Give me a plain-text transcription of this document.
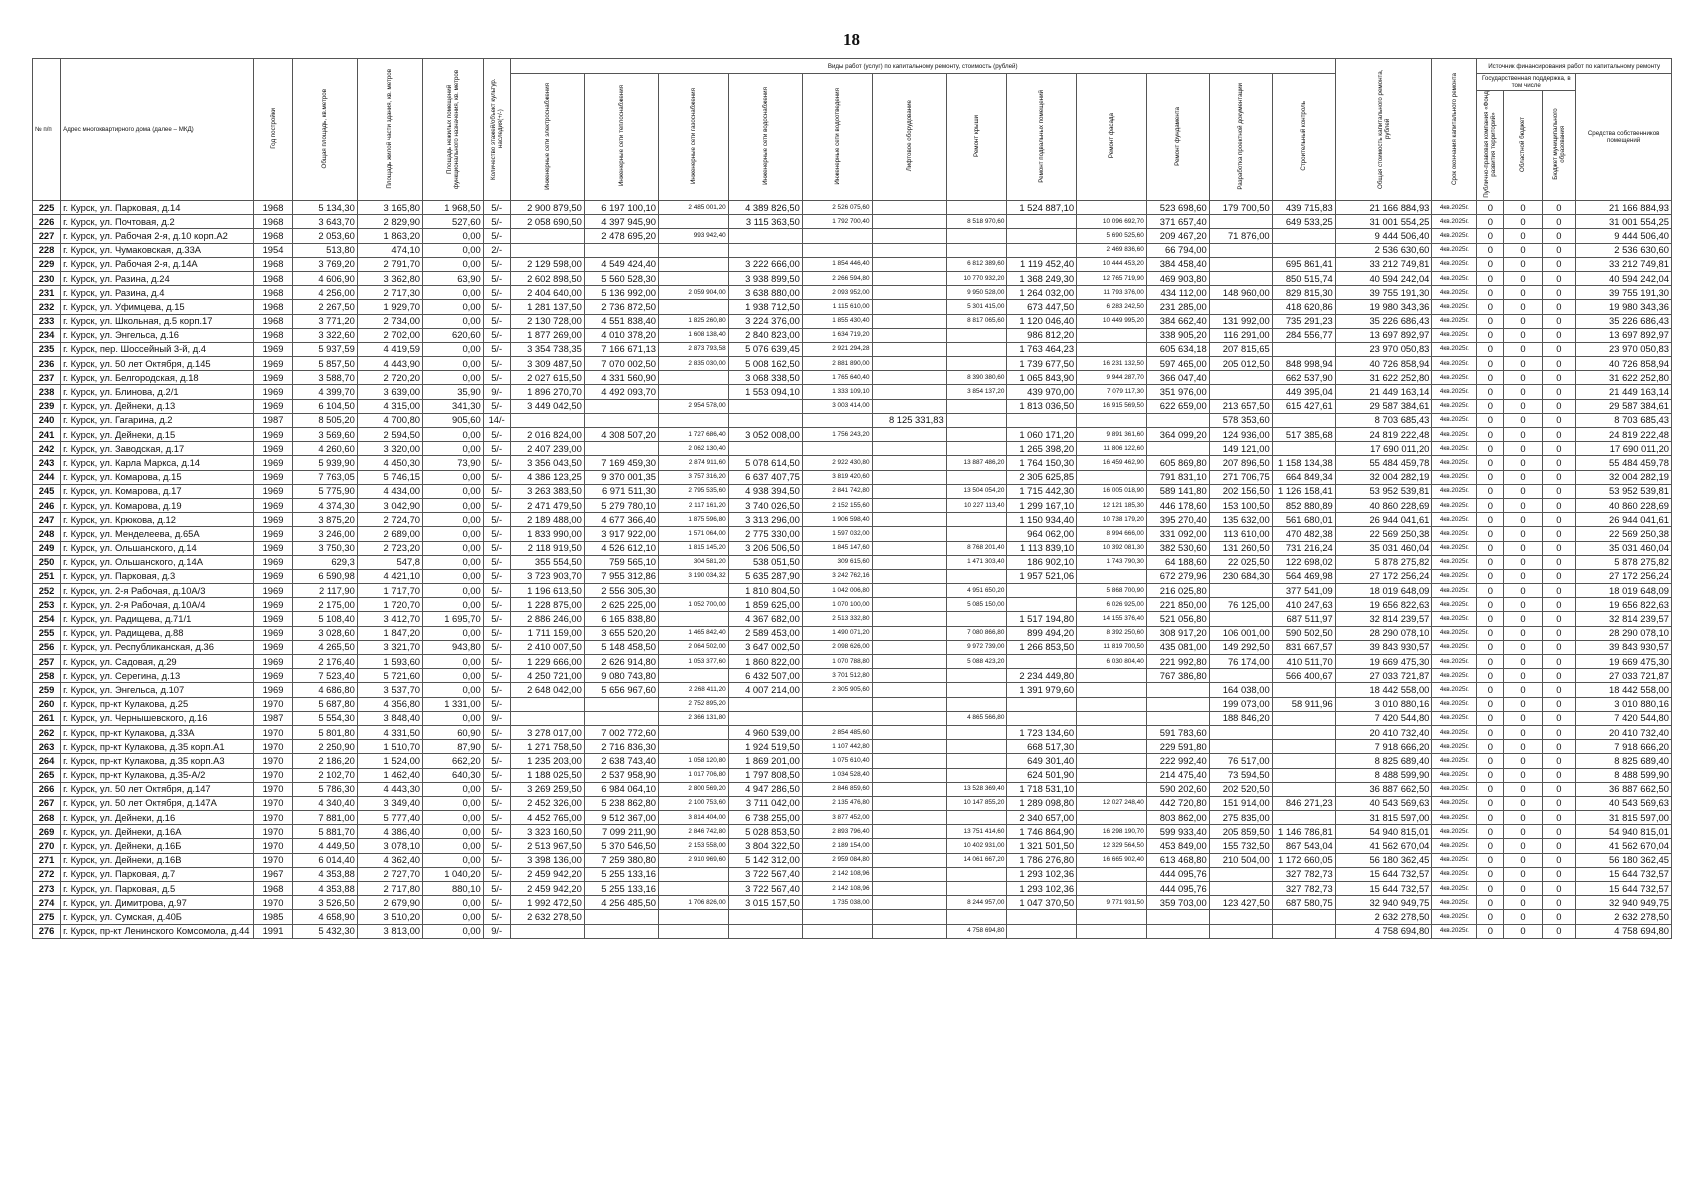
18
№ п/п	Адрес многоквартирного дома (далее – МКД)	Год постройки	Общая площадь, кв.метров	Площадь жилой части здания, кв. метров	Площадь нежилых помещений функционального назначения, кв. метров	Количество этажей/объект культур. наследия(+/-)	Виды работ (услуг) по капитальному ремонту, стоимость (рублей)												Общая стоимость капитального ремонта, рублей	Срок окончания капитального ремонта	Источник финансирования работ по капитальному ремонту			
							Инженерные сети электроснабжения	Инженерные сети теплоснабжения	Инженерные сети газоснабжения	Инженерные сети водоснабжения	Инженерные сети водоотведения	Лифтовое оборудование	Ремонт крыши	Ремонт подвальных помещений	Ремонт фасада	Ремонт фундамента	Разработка проектной документации	Строительный контроль			Государственная поддержка, в том числе			Средства собственников помещений
																					Публично-правовая компания «Фонд развития территорий»	Областной бюджет	Бюджет муниципального образования	
225	г. Курск, ул. Парковая, д.14	1968	5 134,30	3 165,80	1 968,50	5/-	2 900 879,50	6 197 100,10	2 485 001,20	4 389 826,50	2 526 075,60			1 524 887,10		523 698,60	179 700,50	439 715,83	21 166 884,93	4кв.2025г.	0	0	0	21 166 884,93
226	г. Курск, ул. Почтовая, д.2	1968	3 643,70	2 829,90	527,60	5/-	2 058 690,50	4 397 945,90		3 115 363,50	1 792 700,40		8 518 970,60		10 096 692,70	371 657,40		649 533,25	31 001 554,25	4кв.2025г.	0	0	0	31 001 554,25
227	г. Курск, ул. Рабочая 2-я, д.10 корп.А2	1968	2 053,60	1 863,20	0,00	5/-		2 478 695,20	993 942,40						5 690 525,60	209 467,20	71 876,00		9 444 506,40	4кв.2025г.	0	0	0	9 444 506,40
228	г. Курск, ул. Чумаковская, д.33А	1954	513,80	474,10	0,00	2/-									2 469 836,60	66 794,00			2 536 630,60	4кв.2025г.	0	0	0	2 536 630,60
229	г. Курск, ул. Рабочая 2-я, д.14А	1968	3 769,20	2 791,70	0,00	5/-	2 129 598,00	4 549 424,40		3 222 666,00	1 854 446,40		6 812 389,60	1 119 452,40	10 444 453,20	384 458,40		695 861,41	33 212 749,81	4кв.2025г.	0	0	0	33 212 749,81
230	г. Курск, ул. Разина, д.24	1968	4 606,90	3 362,80	63,90	5/-	2 602 898,50	5 560 528,30		3 938 899,50	2 266 594,80		10 770 932,20	1 368 249,30	12 765 719,90	469 903,80		850 515,74	40 594 242,04	4кв.2025г.	0	0	0	40 594 242,04
231	г. Курск, ул. Разина, д.4	1968	4 256,00	2 717,30	0,00	5/-	2 404 640,00	5 136 992,00	2 059 904,00	3 638 880,00	2 093 952,00		9 950 528,00	1 264 032,00	11 793 376,00	434 112,00	148 960,00	829 815,30	39 755 191,30	4кв.2025г.	0	0	0	39 755 191,30
232	г. Курск, ул. Уфимцева, д.15	1968	2 267,50	1 929,70	0,00	5/-	1 281 137,50	2 736 872,50		1 938 712,50	1 115 610,00		5 301 415,00	673 447,50	6 283 242,50	231 285,00		418 620,86	19 980 343,36	4кв.2025г.	0	0	0	19 980 343,36
233	г. Курск, ул. Школьная, д.5 корп.17	1968	3 771,20	2 734,00	0,00	5/-	2 130 728,00	4 551 838,40	1 825 260,80	3 224 376,00	1 855 430,40		8 817 065,60	1 120 046,40	10 449 995,20	384 662,40	131 992,00	735 291,23	35 226 686,43	4кв.2025г.	0	0	0	35 226 686,43
234	г. Курск, ул. Энгельса, д.16	1968	3 322,60	2 702,00	620,60	5/-	1 877 269,00	4 010 378,20	1 608 138,40	2 840 823,00	1 634 719,20			986 812,20		338 905,20	116 291,00	284 556,77	13 697 892,97	4кв.2025г.	0	0	0	13 697 892,97
235	г. Курск, пер. Шоссейный 3-й, д.4	1969	5 937,59	4 419,59	0,00	5/-	3 354 738,35	7 166 671,13	2 873 793,58	5 076 639,45	2 921 294,28			1 763 464,23		605 634,18	207 815,65		23 970 050,83	4кв.2025г.	0	0	0	23 970 050,83
236	г. Курск, ул. 50 лет Октября, д.145	1969	5 857,50	4 443,90	0,00	5/-	3 309 487,50	7 070 002,50	2 835 030,00	5 008 162,50	2 881 890,00			1 739 677,50	16 231 132,50	597 465,00	205 012,50	848 998,94	40 726 858,94	4кв.2025г.	0	0	0	40 726 858,94
237	г. Курск, ул. Белгородская, д.18	1969	3 588,70	2 720,20	0,00	5/-	2 027 615,50	4 331 560,90		3 068 338,50	1 765 640,40		8 390 380,60	1 065 843,90	9 944 287,70	366 047,40		662 537,90	31 622 252,80	4кв.2025г.	0	0	0	31 622 252,80
238	г. Курск, ул. Блинова, д.2/1	1969	4 399,70	3 639,00	35,90	9/-	1 896 270,70	4 492 093,70		1 553 094,10	1 333 109,10		3 854 137,20	439 970,00	7 079 117,30	351 976,00		449 395,04	21 449 163,14	4кв.2025г.	0	0	0	21 449 163,14
239	г. Курск, ул. Дейнеки, д.13	1969	6 104,50	4 315,00	341,30	5/-	3 449 042,50		2 954 578,00		3 003 414,00			1 813 036,50	16 915 569,50	622 659,00	213 657,50	615 427,61	29 587 384,61	4кв.2025г.	0	0	0	29 587 384,61
240	г. Курск, ул. Гагарина, д.2	1987	8 505,20	4 700,80	905,60	14/-						8 125 331,83					578 353,60		8 703 685,43	4кв.2025г.	0	0	0	8 703 685,43
241	г. Курск, ул. Дейнеки, д.15	1969	3 569,60	2 594,50	0,00	5/-	2 016 824,00	4 308 507,20	1 727 686,40	3 052 008,00	1 756 243,20			1 060 171,20	9 891 361,60	364 099,20	124 936,00	517 385,68	24 819 222,48	4кв.2025г.	0	0	0	24 819 222,48
242	г. Курск, ул. Заводская, д.17	1969	4 260,60	3 320,00	0,00	5/-	2 407 239,00		2 062 130,40					1 265 398,20	11 806 122,60		149 121,00		17 690 011,20	4кв.2025г.	0	0	0	17 690 011,20
243	г. Курск, ул. Карла Маркса, д.14	1969	5 939,90	4 450,30	73,90	5/-	3 356 043,50	7 169 459,30	2 874 911,60	5 078 614,50	2 922 430,80		13 887 486,20	1 764 150,30	16 459 462,90	605 869,80	207 896,50	1 158 134,38	55 484 459,78	4кв.2025г.	0	0	0	55 484 459,78
244	г. Курск, ул. Комарова, д.15	1969	7 763,05	5 746,15	0,00	5/-	4 386 123,25	9 370 001,35	3 757 316,20	6 637 407,75	3 819 420,60			2 305 625,85		791 831,10	271 706,75	664 849,34	32 004 282,19	4кв.2025г.	0	0	0	32 004 282,19
245	г. Курск, ул. Комарова, д.17	1969	5 775,90	4 434,00	0,00	5/-	3 263 383,50	6 971 511,30	2 795 535,60	4 938 394,50	2 841 742,80		13 504 054,20	1 715 442,30	16 005 018,90	589 141,80	202 156,50	1 126 158,41	53 952 539,81	4кв.2025г.	0	0	0	53 952 539,81
246	г. Курск, ул. Комарова, д.19	1969	4 374,30	3 042,90	0,00	5/-	2 471 479,50	5 279 780,10	2 117 161,20	3 740 026,50	2 152 155,60		10 227 113,40	1 299 167,10	12 121 185,30	446 178,60	153 100,50	852 880,89	40 860 228,69	4кв.2025г.	0	0	0	40 860 228,69
247	г. Курск, ул. Крюкова, д.12	1969	3 875,20	2 724,70	0,00	5/-	2 189 488,00	4 677 366,40	1 875 596,80	3 313 296,00	1 906 598,40			1 150 934,40	10 738 179,20	395 270,40	135 632,00	561 680,01	26 944 041,61	4кв.2025г.	0	0	0	26 944 041,61
248	г. Курск, ул. Менделеева, д.65А	1969	3 246,00	2 689,00	0,00	5/-	1 833 990,00	3 917 922,00	1 571 064,00	2 775 330,00	1 597 032,00			964 062,00	8 994 666,00	331 092,00	113 610,00	470 482,38	22 569 250,38	4кв.2025г.	0	0	0	22 569 250,38
249	г. Курск, ул. Ольшанского, д.14	1969	3 750,30	2 723,20	0,00	5/-	2 118 919,50	4 526 612,10	1 815 145,20	3 206 506,50	1 845 147,60		8 768 201,40	1 113 839,10	10 392 081,30	382 530,60	131 260,50	731 216,24	35 031 460,04	4кв.2025г.	0	0	0	35 031 460,04
250	г. Курск, ул. Ольшанского, д.14А	1969	629,3	547,8	0,00	5/-	355 554,50	759 565,10	304 581,20	538 051,50	309 615,60		1 471 303,40	186 902,10	1 743 790,30	64 188,60	22 025,50	122 698,02	5 878 275,82	4кв.2025г.	0	0	0	5 878 275,82
251	г. Курск, ул. Парковая, д.3	1969	6 590,98	4 421,10	0,00	5/-	3 723 903,70	7 955 312,86	3 190 034,32	5 635 287,90	3 242 762,16			1 957 521,06		672 279,96	230 684,30	564 469,98	27 172 256,24	4кв.2025г.	0	0	0	27 172 256,24
252	г. Курск, ул. 2-я Рабочая, д.10А/3	1969	2 117,90	1 717,70	0,00	5/-	1 196 613,50	2 556 305,30		1 810 804,50	1 042 006,80		4 951 650,20		5 868 700,90	216 025,80		377 541,09	18 019 648,09	4кв.2025г.	0	0	0	18 019 648,09
253	г. Курск, ул. 2-я Рабочая, д.10А/4	1969	2 175,00	1 720,70	0,00	5/-	1 228 875,00	2 625 225,00	1 052 700,00	1 859 625,00	1 070 100,00		5 085 150,00		6 026 925,00	221 850,00	76 125,00	410 247,63	19 656 822,63	4кв.2025г.	0	0	0	19 656 822,63
254	г. Курск, ул. Радищева, д.71/1	1969	5 108,40	3 412,70	1 695,70	5/-	2 886 246,00	6 165 838,80		4 367 682,00	2 513 332,80			1 517 194,80	14 155 376,40	521 056,80		687 511,97	32 814 239,57	4кв.2025г.	0	0	0	32 814 239,57
255	г. Курск, ул. Радищева, д.88	1969	3 028,60	1 847,20	0,00	5/-	1 711 159,00	3 655 520,20	1 465 842,40	2 589 453,00	1 490 071,20		7 080 866,80	899 494,20	8 392 250,60	308 917,20	106 001,00	590 502,50	28 290 078,10	4кв.2025г.	0	0	0	28 290 078,10
256	г. Курск, ул. Республиканская, д.36	1969	4 265,50	3 321,70	943,80	5/-	2 410 007,50	5 148 458,50	2 064 502,00	3 647 002,50	2 098 626,00		9 972 739,00	1 266 853,50	11 819 700,50	435 081,00	149 292,50	831 667,57	39 843 930,57	4кв.2025г.	0	0	0	39 843 930,57
257	г. Курск, ул. Садовая, д.29	1969	2 176,40	1 593,60	0,00	5/-	1 229 666,00	2 626 914,80	1 053 377,60	1 860 822,00	1 070 788,80		5 088 423,20		6 030 804,40	221 992,80	76 174,00	410 511,70	19 669 475,30	4кв.2025г.	0	0	0	19 669 475,30
258	г. Курск, ул. Серегина, д.13	1969	7 523,40	5 721,60	0,00	5/-	4 250 721,00	9 080 743,80		6 432 507,00	3 701 512,80			2 234 449,80		767 386,80		566 400,67	27 033 721,87	4кв.2025г.	0	0	0	27 033 721,87
259	г. Курск, ул. Энгельса, д.107	1969	4 686,80	3 537,70	0,00	5/-	2 648 042,00	5 656 967,60	2 268 411,20	4 007 214,00	2 305 905,60			1 391 979,60			164 038,00		18 442 558,00	4кв.2025г.	0	0	0	18 442 558,00
260	г. Курск, пр-кт Кулакова, д.25	1970	5 687,80	4 356,80	1 331,00	5/-			2 752 895,20								199 073,00	58 911,96	3 010 880,16	4кв.2025г.	0	0	0	3 010 880,16
261	г. Курск, ул. Чернышевского, д.16	1987	5 554,30	3 848,40	0,00	9/-			2 366 131,80				4 865 566,80				188 846,20		7 420 544,80	4кв.2025г.	0	0	0	7 420 544,80
262	г. Курск, пр-кт Кулакова, д.33А	1970	5 801,80	4 331,50	60,90	5/-	3 278 017,00	7 002 772,60		4 960 539,00	2 854 485,60			1 723 134,60		591 783,60			20 410 732,40	4кв.2025г.	0	0	0	20 410 732,40
263	г. Курск, пр-кт Кулакова, д.35 корп.А1	1970	2 250,90	1 510,70	87,90	5/-	1 271 758,50	2 716 836,30		1 924 519,50	1 107 442,80			668 517,30		229 591,80			7 918 666,20	4кв.2025г.	0	0	0	7 918 666,20
264	г. Курск, пр-кт Кулакова, д.35 корп.А3	1970	2 186,20	1 524,00	662,20	5/-	1 235 203,00	2 638 743,40	1 058 120,80	1 869 201,00	1 075 610,40			649 301,40		222 992,40	76 517,00		8 825 689,40	4кв.2025г.	0	0	0	8 825 689,40
265	г. Курск, пр-кт Кулакова, д.35-А/2	1970	2 102,70	1 462,40	640,30	5/-	1 188 025,50	2 537 958,90	1 017 706,80	1 797 808,50	1 034 528,40			624 501,90		214 475,40	73 594,50		8 488 599,90	4кв.2025г.	0	0	0	8 488 599,90
266	г. Курск, ул. 50 лет Октября, д.147	1970	5 786,30	4 443,30	0,00	5/-	3 269 259,50	6 984 064,10	2 800 569,20	4 947 286,50	2 846 859,60		13 528 369,40	1 718 531,10		590 202,60	202 520,50		36 887 662,50	4кв.2025г.	0	0	0	36 887 662,50
267	г. Курск, ул. 50 лет Октября, д.147А	1970	4 340,40	3 349,40	0,00	5/-	2 452 326,00	5 238 862,80	2 100 753,60	3 711 042,00	2 135 476,80		10 147 855,20	1 289 098,80	12 027 248,40	442 720,80	151 914,00	846 271,23	40 543 569,63	4кв.2025г.	0	0	0	40 543 569,63
268	г. Курск, ул. Дейнеки, д.16	1970	7 881,00	5 777,40	0,00	5/-	4 452 765,00	9 512 367,00	3 814 404,00	6 738 255,00	3 877 452,00			2 340 657,00		803 862,00	275 835,00		31 815 597,00	4кв.2025г.	0	0	0	31 815 597,00
269	г. Курск, ул. Дейнеки, д.16А	1970	5 881,70	4 386,40	0,00	5/-	3 323 160,50	7 099 211,90	2 846 742,80	5 028 853,50	2 893 796,40		13 751 414,60	1 746 864,90	16 298 190,70	599 933,40	205 859,50	1 146 786,81	54 940 815,01	4кв.2025г.	0	0	0	54 940 815,01
270	г. Курск, ул. Дейнеки, д.16Б	1970	4 449,50	3 078,10	0,00	5/-	2 513 967,50	5 370 546,50	2 153 558,00	3 804 322,50	2 189 154,00		10 402 931,00	1 321 501,50	12 329 564,50	453 849,00	155 732,50	867 543,04	41 562 670,04	4кв.2025г.	0	0	0	41 562 670,04
271	г. Курск, ул. Дейнеки, д.16В	1970	6 014,40	4 362,40	0,00	5/-	3 398 136,00	7 259 380,80	2 910 969,60	5 142 312,00	2 959 084,80		14 061 667,20	1 786 276,80	16 665 902,40	613 468,80	210 504,00	1 172 660,05	56 180 362,45	4кв.2025г.	0	0	0	56 180 362,45
272	г. Курск, ул. Парковая, д.7	1967	4 353,88	2 727,70	1 040,20	5/-	2 459 942,20	5 255 133,16		3 722 567,40	2 142 108,96			1 293 102,36		444 095,76		327 782,73	15 644 732,57	4кв.2025г.	0	0	0	15 644 732,57
273	г. Курск, ул. Парковая, д.5	1968	4 353,88	2 717,80	880,10	5/-	2 459 942,20	5 255 133,16		3 722 567,40	2 142 108,96			1 293 102,36		444 095,76		327 782,73	15 644 732,57	4кв.2025г.	0	0	0	15 644 732,57
274	г. Курск, ул. Димитрова, д.97	1970	3 526,50	2 679,90	0,00	5/-	1 992 472,50	4 256 485,50	1 706 826,00	3 015 157,50	1 735 038,00		8 244 957,00	1 047 370,50	9 771 931,50	359 703,00	123 427,50	687 580,75	32 940 949,75	4кв.2025г.	0	0	0	32 940 949,75
275	г. Курск, ул. Сумская, д.40Б	1985	4 658,90	3 510,20	0,00	5/-	2 632 278,50												2 632 278,50	4кв.2025г.	0	0	0	2 632 278,50
276	г. Курск, пр-кт Ленинского Комсомола, д.44	1991	5 432,30	3 813,00	0,00	9/-							4 758 694,80						4 758 694,80	4кв.2025г.	0	0	0	4 758 694,80
